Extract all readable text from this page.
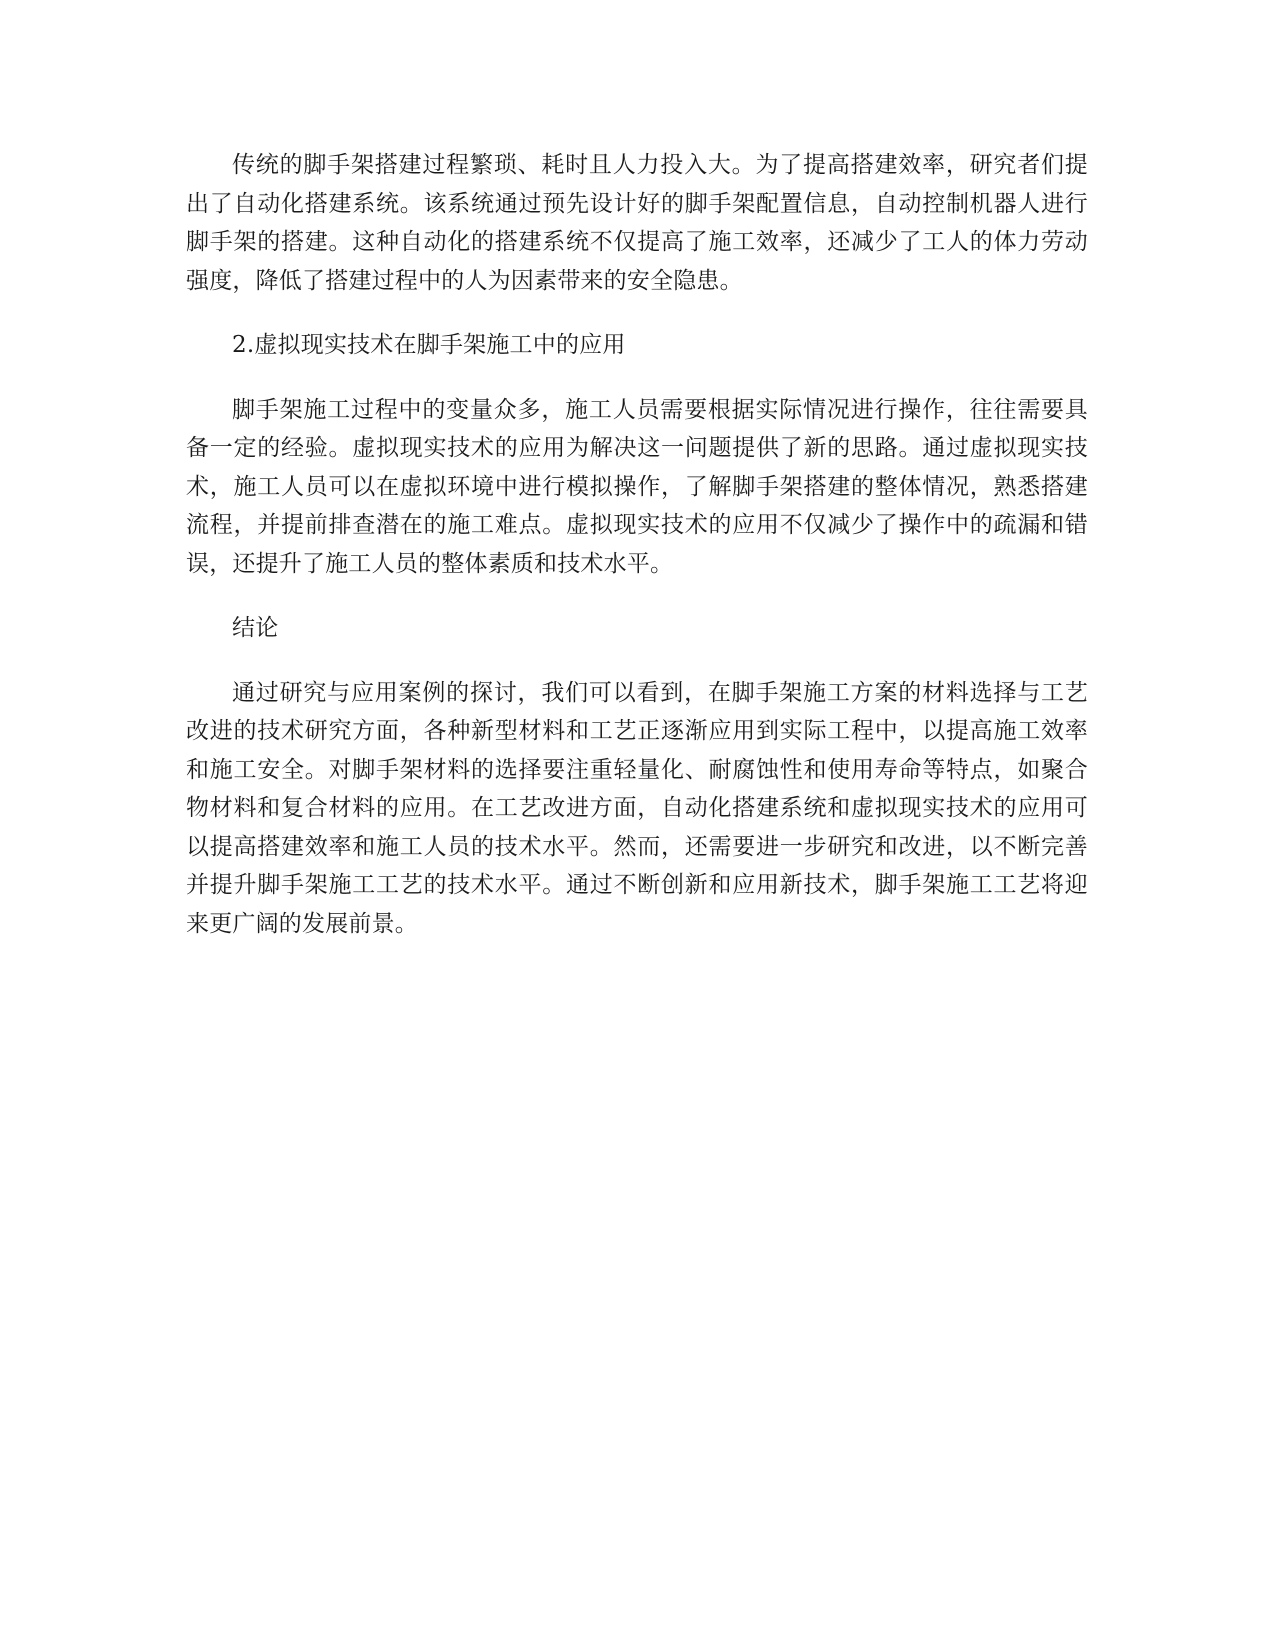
传统的脚手架搭建过程繁琐、耗时且人力投入大。为了提高搭建效率，研究者们提出了自动化搭建系统。该系统通过预先设计好的脚手架配置信息，自动控制机器人进行脚手架的搭建。这种自动化的搭建系统不仅提高了施工效率，还减少了工人的体力劳动强度，降低了搭建过程中的人为因素带来的安全隐患。

2.虚拟现实技术在脚手架施工中的应用

脚手架施工过程中的变量众多，施工人员需要根据实际情况进行操作，往往需要具备一定的经验。虚拟现实技术的应用为解决这一问题提供了新的思路。通过虚拟现实技术，施工人员可以在虚拟环境中进行模拟操作，了解脚手架搭建的整体情况，熟悉搭建流程，并提前排查潜在的施工难点。虚拟现实技术的应用不仅减少了操作中的疏漏和错误，还提升了施工人员的整体素质和技术水平。

结论

通过研究与应用案例的探讨，我们可以看到，在脚手架施工方案的材料选择与工艺改进的技术研究方面，各种新型材料和工艺正逐渐应用到实际工程中，以提高施工效率和施工安全。对脚手架材料的选择要注重轻量化、耐腐蚀性和使用寿命等特点，如聚合物材料和复合材料的应用。在工艺改进方面，自动化搭建系统和虚拟现实技术的应用可以提高搭建效率和施工人员的技术水平。然而，还需要进一步研究和改进，以不断完善并提升脚手架施工工艺的技术水平。通过不断创新和应用新技术，脚手架施工工艺将迎来更广阔的发展前景。
